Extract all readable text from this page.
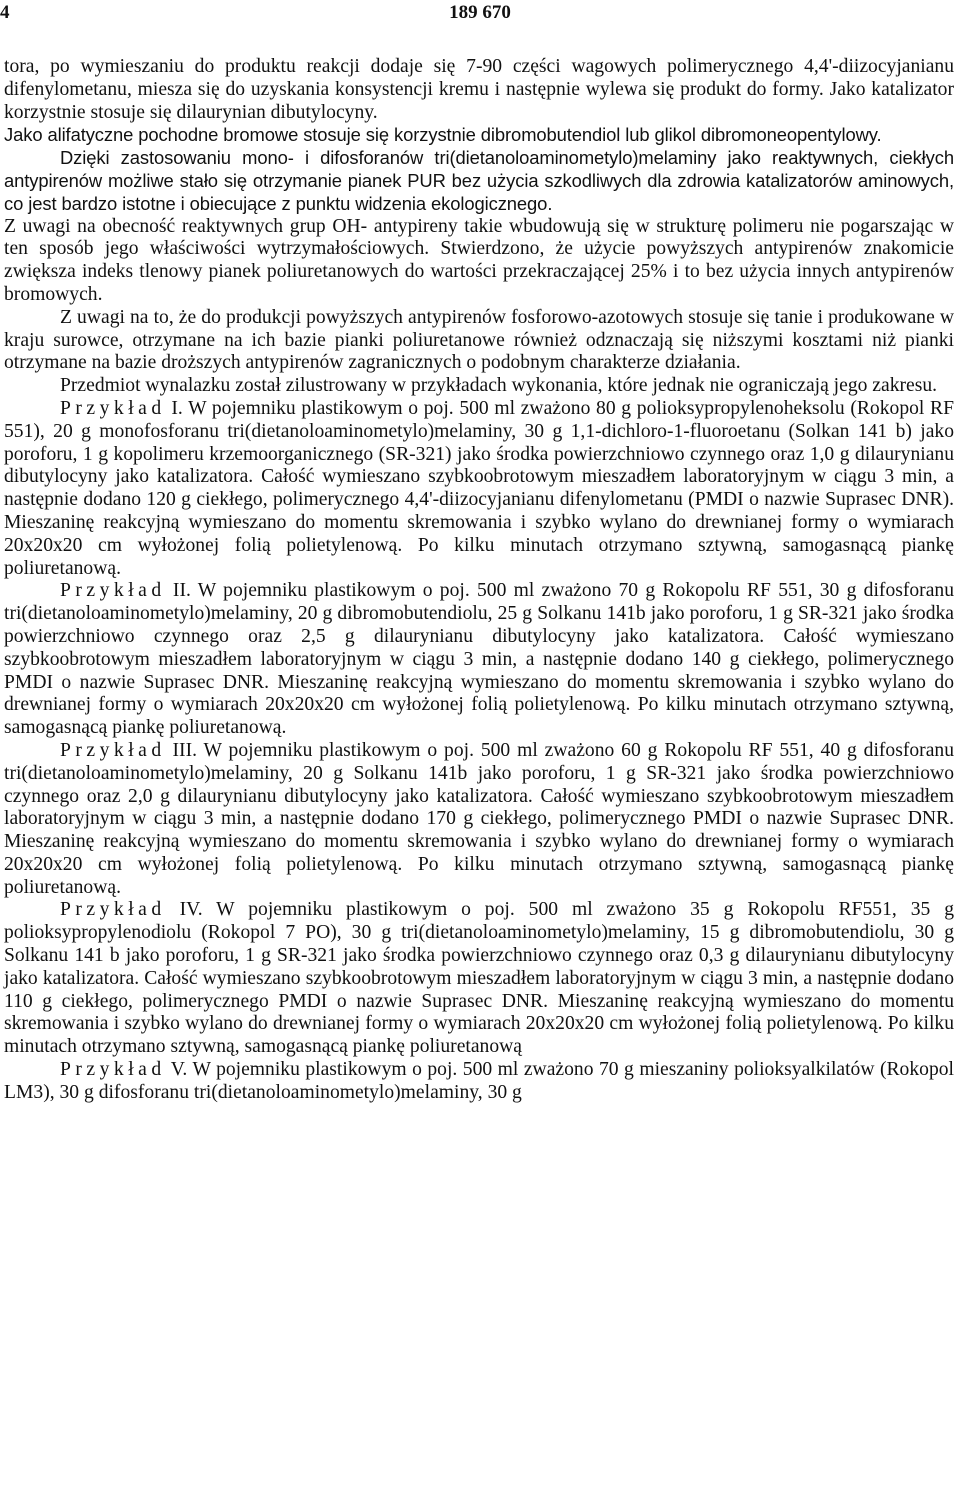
4	189 670

tora, po wymieszaniu do produktu reakcji dodaje się 7-90 części wagowych polimerycznego 4,4'-diizocyjanianu difenylometanu, miesza się do uzyskania konsystencji kremu i następnie wylewa się produkt do formy. Jako katalizator korzystnie stosuje się dilaurynian dibutylocyny.

Jako alifatyczne pochodne bromowe stosuje się korzystnie dibromobutendiol lub glikol dibromoneopentylowy.

Dzięki zastosowaniu mono- i difosforanów tri(dietanoloaminometylo)melaminy jako reaktywnych, ciekłych antypirenów możliwe stało się otrzymanie pianek PUR bez użycia szkodliwych dla zdrowia katalizatorów aminowych, co jest bardzo istotne i obiecujące z punktu widzenia ekologicznego.

Z uwagi na obecność reaktywnych grup OH- antypireny takie wbudowują się w strukturę polimeru nie pogarszając w ten sposób jego właściwości wytrzymałościowych. Stwierdzono, że użycie powyższych antypirenów znakomicie zwiększa indeks tlenowy pianek poliuretanowych do wartości przekraczającej 25% i to bez użycia innych antypirenów bromowych.

Z uwagi na to, że do produkcji powyższych antypirenów fosforowo-azotowych stosuje się tanie i produkowane w kraju surowce, otrzymane na ich bazie pianki poliuretanowe również odznaczają się niższymi kosztami niż pianki otrzymane na bazie droższych antypirenów zagranicznych o podobnym charakterze działania.

Przedmiot wynalazku został zilustrowany w przykładach wykonania, które jednak nie ograniczają jego zakresu.

Przykład I. W pojemniku plastikowym o poj. 500 ml zważono 80 g polioksypropylenoheksolu (Rokopol RF 551), 20 g monofosforanu tri(dietanoloaminometylo)melaminy, 30 g 1,1-dichloro-1-fluoroetanu (Solkan 141 b) jako poroforu, 1 g kopolimeru krzemoorganicznego (SR-321) jako środka powierzchniowo czynnego oraz 1,0 g dilaurynianu dibutylocyny jako katalizatora. Całość wymieszano szybkoobrotowym mieszadłem laboratoryjnym w ciągu 3 min, a następnie dodano 120 g ciekłego, polimerycznego 4,4'-diizocyjanianu difenylometanu (PMDI o nazwie Suprasec DNR). Mieszaninę reakcyjną wymieszano do momentu skremowania i szybko wylano do drewnianej formy o wymiarach 20x20x20 cm wyłożonej folią polietylenową. Po kilku minutach otrzymano sztywną, samogasnącą piankę poliuretanową.

Przykład II. W pojemniku plastikowym o poj. 500 ml zważono 70 g Rokopolu RF 551, 30 g difosforanu tri(dietanoloaminometylo)melaminy, 20 g dibromobutendiolu, 25 g Solkanu 141b jako poroforu, 1 g SR-321 jako środka powierzchniowo czynnego oraz 2,5 g dilaurynianu dibutylocyny jako katalizatora. Całość wymieszano szybkoobrotowym mieszadłem laboratoryjnym w ciągu 3 min, a następnie dodano 140 g ciekłego, polimerycznego PMDI o nazwie Suprasec DNR. Mieszaninę reakcyjną wymieszano do momentu skremowania i szybko wylano do drewnianej formy o wymiarach 20x20x20 cm wyłożonej folią polietylenową. Po kilku minutach otrzymano sztywną, samogasnącą piankę poliuretanową.

Przykład III. W pojemniku plastikowym o poj. 500 ml zważono 60 g Rokopolu RF 551, 40 g difosforanu tri(dietanoloaminometylo)melaminy, 20 g Solkanu 141b jako poroforu, 1 g SR-321 jako środka powierzchniowo czynnego oraz 2,0 g dilaurynianu dibutylocyny jako katalizatora. Całość wymieszano szybkoobrotowym mieszadłem laboratoryjnym w ciągu 3 min, a następnie dodano 170 g ciekłego, polimerycznego PMDI o nazwie Suprasec DNR. Mieszaninę reakcyjną wymieszano do momentu skremowania i szybko wylano do drewnianej formy o wymiarach 20x20x20 cm wyłożonej folią polietylenową. Po kilku minutach otrzymano sztywną, samogasnącą piankę poliuretanową.

Przykład IV. W pojemniku plastikowym o poj. 500 ml zważono 35 g Rokopolu RF551, 35 g polioksypropylenodiolu (Rokopol 7 PO), 30 g tri(dietanoloaminometylo)melaminy, 15 g dibromobutendiolu, 30 g Solkanu 141 b jako poroforu, 1 g SR-321 jako środka powierzchniowo czynnego oraz 0,3 g dilaurynianu dibutylocyny jako katalizatora. Całość wymieszano szybkoobrotowym mieszadłem laboratoryjnym w ciągu 3 min, a następnie dodano 110 g ciekłego, polimerycznego PMDI o nazwie Suprasec DNR. Mieszaninę reakcyjną wymieszano do momentu skremowania i szybko wylano do drewnianej formy o wymiarach 20x20x20 cm wyłożonej folią polietylenową. Po kilku minutach otrzymano sztywną, samogasnącą piankę poliuretanową

Przykład V. W pojemniku plastikowym o poj. 500 ml zważono 70 g mieszaniny polioksyalkilatów (Rokopol LM3), 30 g difosforanu tri(dietanoloaminometylo)melaminy, 30 g
